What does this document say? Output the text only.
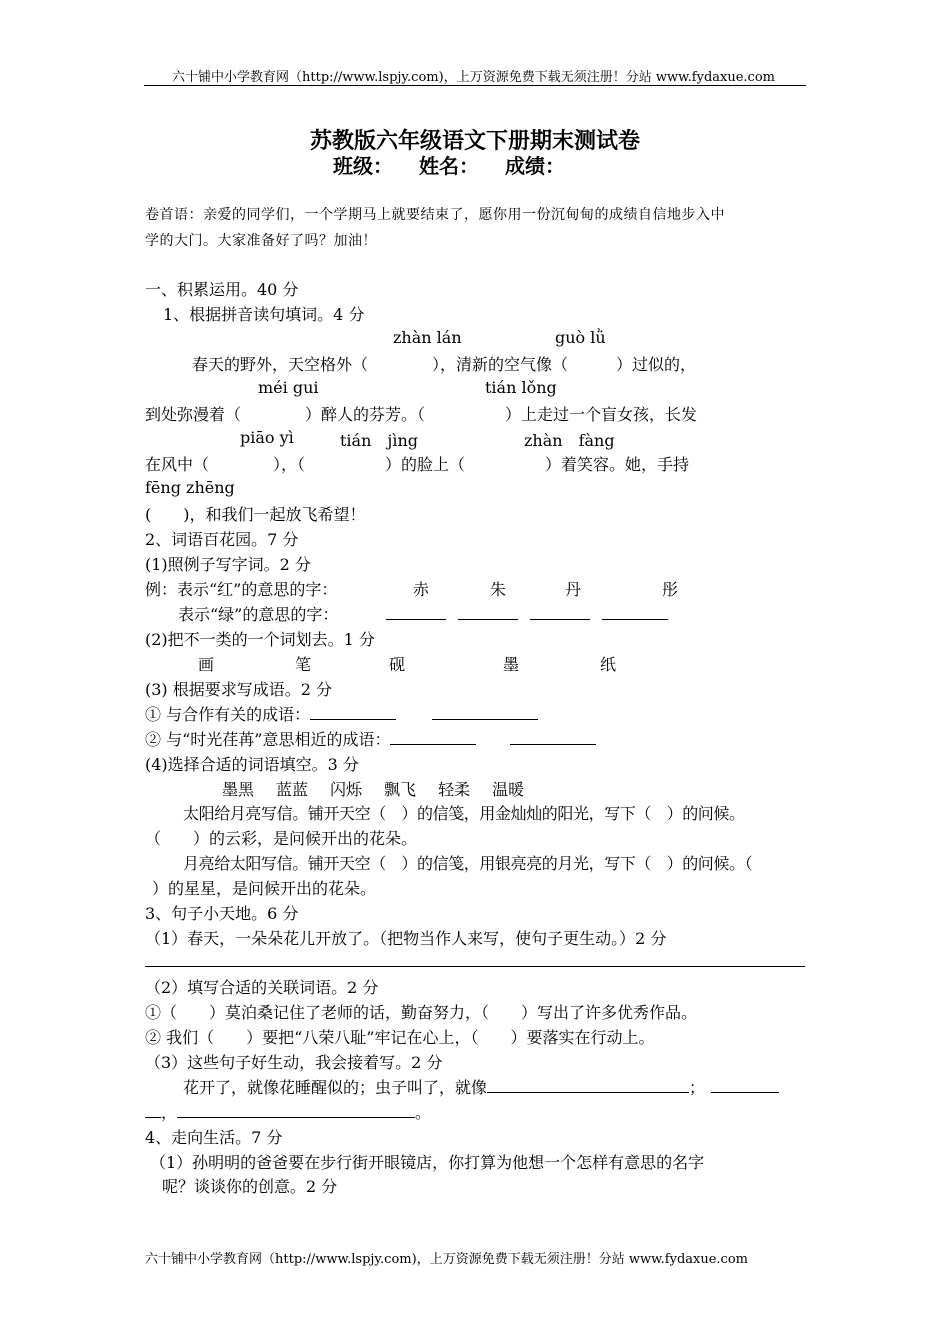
六十铺中小学教育网（http://www.lspjy.com)，上万资源免费下载无须注册！分站 www.fydaxue.com
苏教版六年级语文下册期末测试卷
班级： 姓名： 成绩：
卷首语：亲爱的同学们，一个学期马上就要结束了，愿你用一份沉甸甸的成绩自信地步入中
学的大门。大家准备好了吗？加油！
一、积累运用。40 分
1、根据拼音读句填词。4 分
zhàn lán	guò lǜ
春天的野外，天空格外（　　　　），清新的空气像（　　　）过似的，
méi gui	tián lǒng
到处弥漫着（　　　　）醉人的芬芳。（　　　　　）上走过一个盲女孩，长发
piāo yì	tián　jìng	zhàn　fàng
在风中（　　　　），（　　　　　）的脸上（　　　　　）着笑容。她，手持
fēng zhēng
(　　)，和我们一起放飞希望！
2、词语百花园。7 分
(1)照例子写字词。2 分
例：表示“红”的意思的字：	赤	朱	丹	彤
表示“绿”的意思的字：
(2)把不一类的一个词划去。1 分
画	笔	砚	墨	纸
(3) 根据要求写成语。2 分
① 与合作有关的成语：
② 与“时光荏苒”意思相近的成语：
(4)选择合适的词语填空。3 分
墨黑 蓝蓝 闪烁 飘飞 轻柔 温暖
太阳给月亮写信。铺开天空（　）的信笺，用金灿灿的阳光，写下（　）的问候。
（　　）的云彩，是问候开出的花朵。
月亮给太阳写信。铺开天空（　）的信笺，用银亮亮的月光，写下（　）的问候。（
）的星星，是问候开出的花朵。
3、句子小天地。6 分
（1）春天，一朵朵花儿开放了。（把物当作人来写，使句子更生动。）2 分
（2）填写合适的关联词语。2 分
①（　　）莫泊桑记住了老师的话，勤奋努力，（　　）写出了许多优秀作品。
② 我们（　　）要把“八荣八耻”牢记在心上，（　　）要落实在行动上。
（3）这些句子好生动，我会接着写。2 分
花开了，就像花睡醒似的；虫子叫了，就像	；
，	。
4、走向生活。7 分
（1）孙明明的爸爸要在步行街开眼镜店，你打算为他想一个怎样有意思的名字
呢？谈谈你的创意。2 分
六十铺中小学教育网（http://www.lspjy.com)，上万资源免费下载无须注册！分站 www.fydaxue.com
